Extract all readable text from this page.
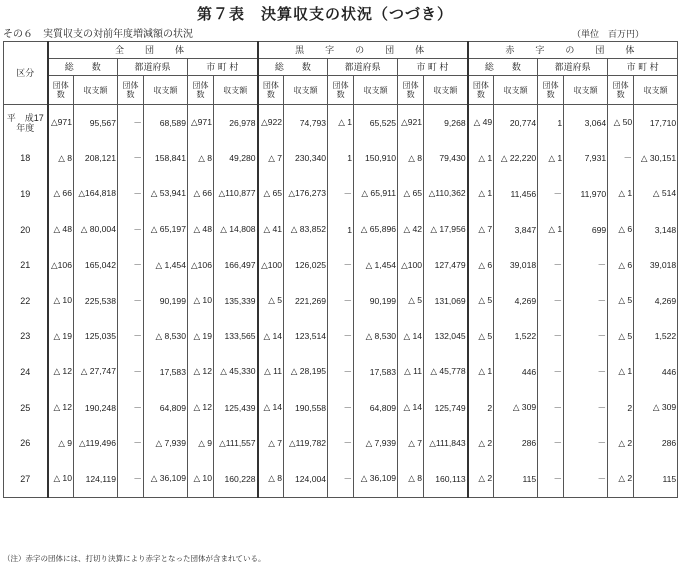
第７表　決算収支の状況（つづき）
その６　実質収支の対前年度増減額の状況	（単位　百万円）
区分	全　団　体						黒　字　の　団　体						赤　字　の　団　体					
	総　　数		都道府県		市 町 村		総　　数		都道府県		市 町 村		総　　数		都道府県		市 町 村	
	団体数	収支額	団体数	収支額	団体数	収支額	団体数	収支額	団体数	収支額	団体数	収支額	団体数	収支額	団体数	収支額	団体数	収支額
平　成17年度	△971	95,567	－	68,589	△971	26,978	△922	74,793	△ 1	65,525	△921	9,268	△ 49	20,774	1	3,064	△ 50	17,710
18	△ 8	208,121	－	158,841	△ 8	49,280	△ 7	230,340	1	150,910	△ 8	79,430	△ 1	△ 22,220	△ 1	7,931	－	△ 30,151
19	△ 66	△164,818	－	△ 53,941	△ 66	△110,877	△ 65	△176,273	－	△ 65,911	△ 65	△110,362	△ 1	11,456	－	11,970	△ 1	△ 514
20	△ 48	△ 80,004	－	△ 65,197	△ 48	△ 14,808	△ 41	△ 83,852	1	△ 65,896	△ 42	△ 17,956	△ 7	3,847	△ 1	699	△ 6	3,148
21	△106	165,042	－	△ 1,454	△106	166,497	△100	126,025	－	△ 1,454	△100	127,479	△ 6	39,018	－	－	△ 6	39,018
22	△ 10	225,538	－	90,199	△ 10	135,339	△ 5	221,269	－	90,199	△ 5	131,069	△ 5	4,269	－	－	△ 5	4,269
23	△ 19	125,035	－	△ 8,530	△ 19	133,565	△ 14	123,514	－	△ 8,530	△ 14	132,045	△ 5	1,522	－	－	△ 5	1,522
24	△ 12	△ 27,747	－	17,583	△ 12	△ 45,330	△ 11	△ 28,195	－	17,583	△ 11	△ 45,778	△ 1	446	－	－	△ 1	446
25	△ 12	190,248	－	64,809	△ 12	125,439	△ 14	190,558	－	64,809	△ 14	125,749	2	△ 309	－	－	2	△ 309
26	△ 9	△119,496	－	△ 7,939	△ 9	△111,557	△ 7	△119,782	－	△ 7,939	△ 7	△111,843	△ 2	286	－	－	△ 2	286
27	△ 10	124,119	－	△ 36,109	△ 10	160,228	△ 8	124,004	－	△ 36,109	△ 8	160,113	△ 2	115	－	－	△ 2	115
（注）赤字の団体には、打切り決算により赤字となった団体が含まれている。
